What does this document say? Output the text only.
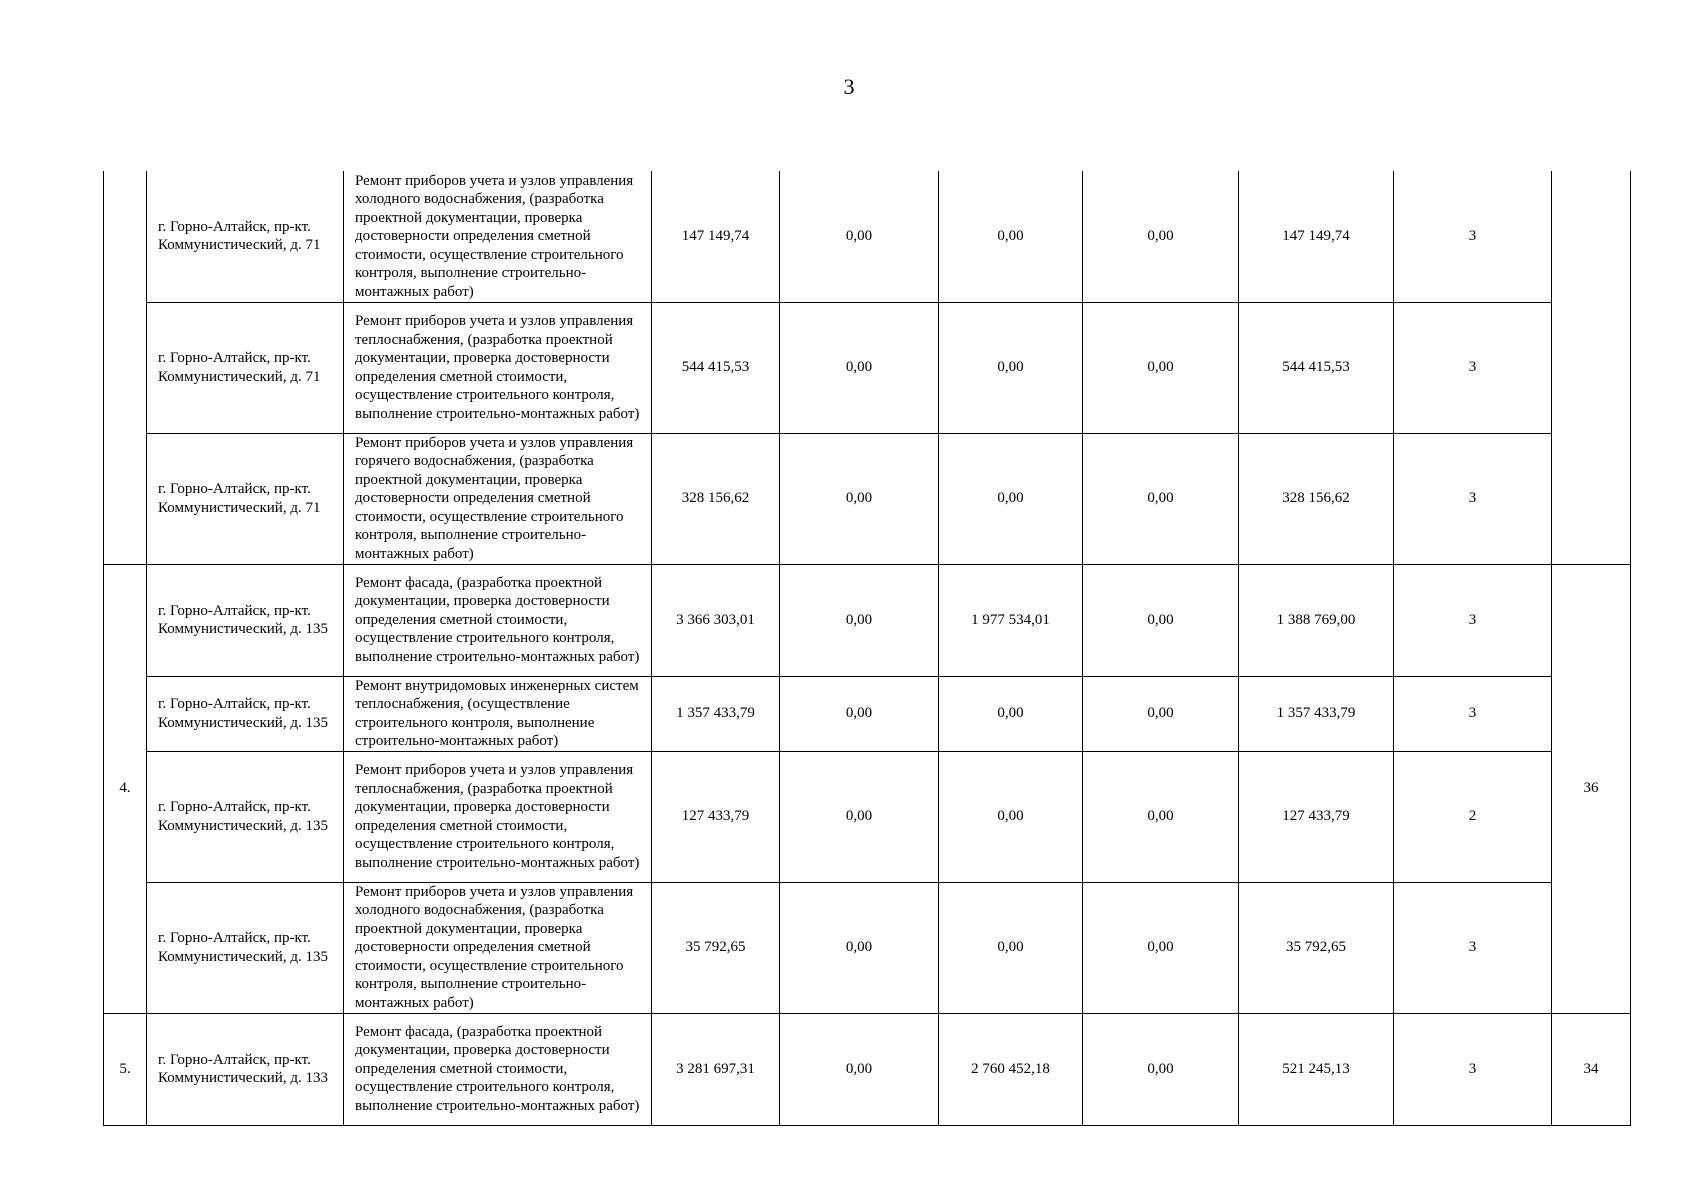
3
	г. Горно-Алтайск, пр-кт. Коммунистический, д. 71	Ремонт приборов учета и узлов управления холодного водоснабжения, (разработка проектной документации, проверка достоверности определения сметной стоимости, осуществление строительного контроля, выполнение строительно-монтажных работ)	147 149,74	0,00	0,00	0,00	147 149,74	3	
	г. Горно-Алтайск, пр-кт. Коммунистический, д. 71	Ремонт приборов учета и узлов управления теплоснабжения, (разработка проектной документации, проверка достоверности определения сметной стоимости, осуществление строительного контроля, выполнение строительно-монтажных работ)	544 415,53	0,00	0,00	0,00	544 415,53	3	
	г. Горно-Алтайск, пр-кт. Коммунистический, д. 71	Ремонт приборов учета и узлов управления горячего водоснабжения, (разработка проектной документации, проверка достоверности определения сметной стоимости, осуществление строительного контроля, выполнение строительно-монтажных работ)	328 156,62	0,00	0,00	0,00	328 156,62	3	
4.	г. Горно-Алтайск, пр-кт. Коммунистический, д. 135	Ремонт фасада, (разработка проектной документации, проверка достоверности определения сметной стоимости, осуществление строительного контроля, выполнение строительно-монтажных работ)	3 366 303,01	0,00	1 977 534,01	0,00	1 388 769,00	3	36
	г. Горно-Алтайск, пр-кт. Коммунистический, д. 135	Ремонт внутридомовых инженерных систем теплоснабжения, (осуществление строительного контроля, выполнение строительно-монтажных работ)	1 357 433,79	0,00	0,00	0,00	1 357 433,79	3	
	г. Горно-Алтайск, пр-кт. Коммунистический, д. 135	Ремонт приборов учета и узлов управления теплоснабжения, (разработка проектной документации, проверка достоверности определения сметной стоимости, осуществление строительного контроля, выполнение строительно-монтажных работ)	127 433,79	0,00	0,00	0,00	127 433,79	2	
	г. Горно-Алтайск, пр-кт. Коммунистический, д. 135	Ремонт приборов учета и узлов управления холодного водоснабжения, (разработка проектной документации, проверка достоверности определения сметной стоимости, осуществление строительного контроля, выполнение строительно-монтажных работ)	35 792,65	0,00	0,00	0,00	35 792,65	3	
5.	г. Горно-Алтайск, пр-кт. Коммунистический, д. 133	Ремонт фасада, (разработка проектной документации, проверка достоверности определения сметной стоимости, осуществление строительного контроля, выполнение строительно-монтажных работ)	3 281 697,31	0,00	2 760 452,18	0,00	521 245,13	3	34
